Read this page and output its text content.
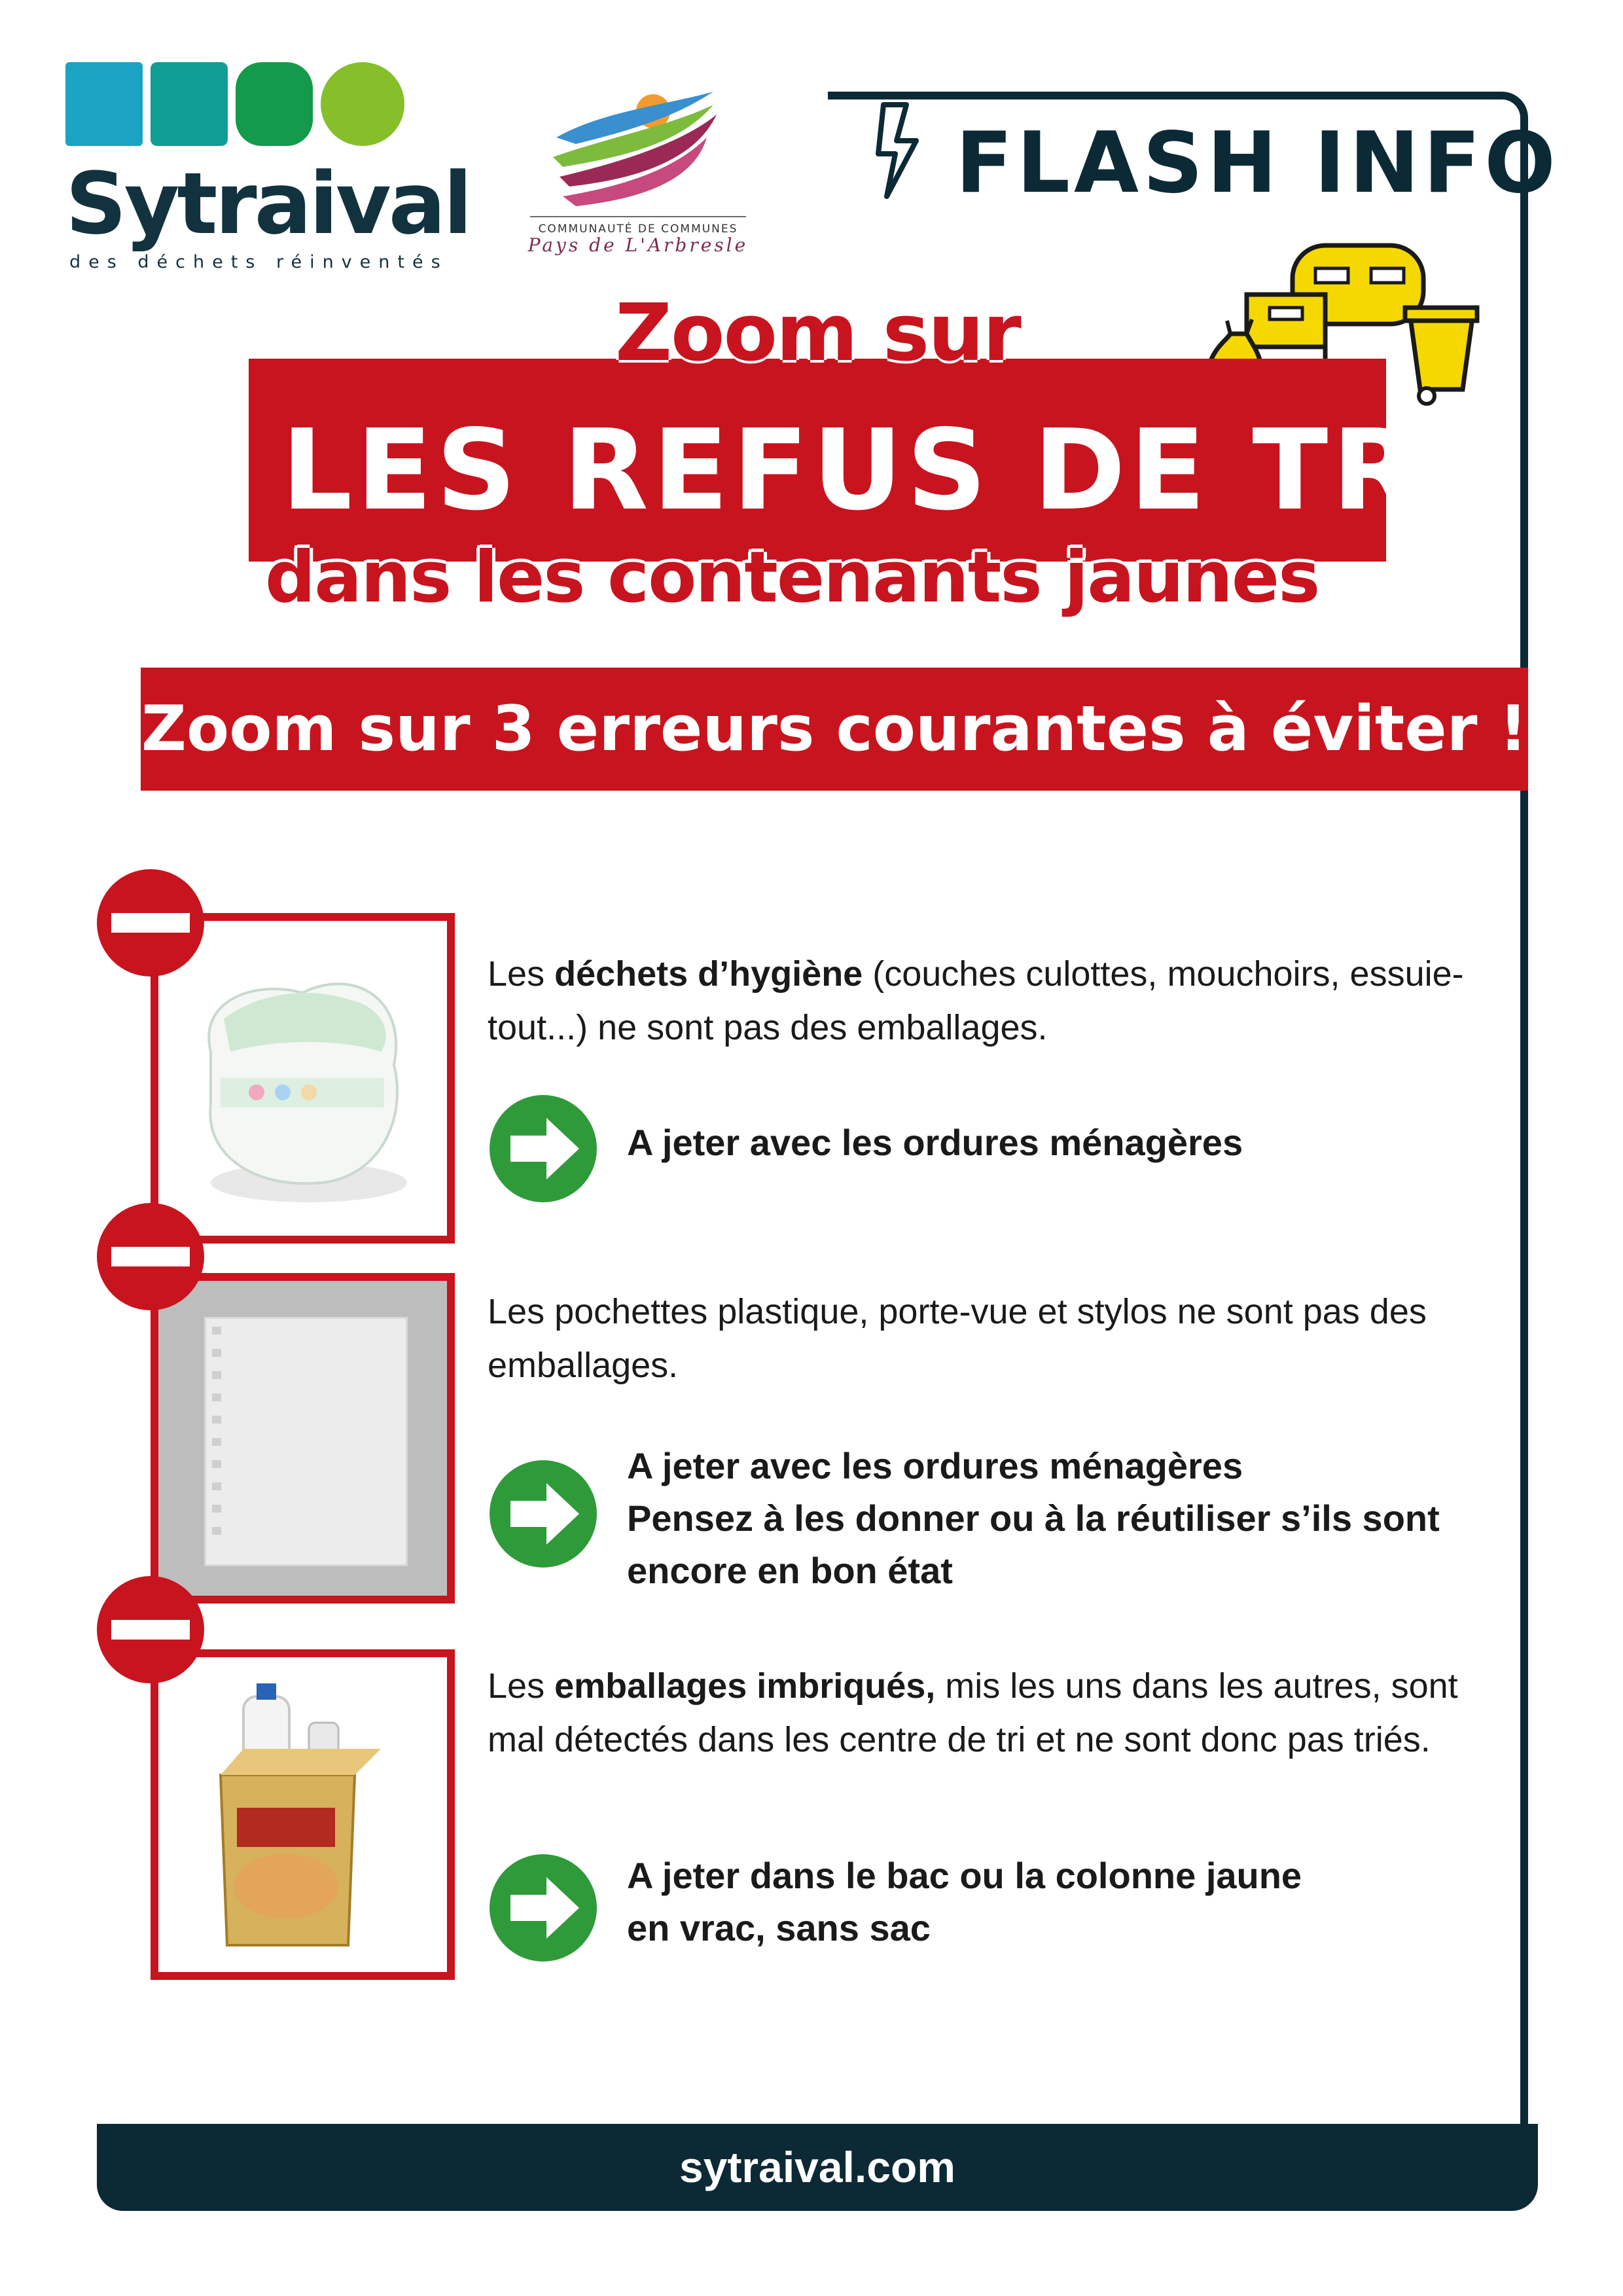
sytraival.com
Sytraival
des déchets réinventés
COMMUNAUTÉ DE COMMUNES
Pays de L'Arbresle
FLASH INFO
Zoom sur
LES REFUS DE TRI
dans les contenants jaunes
Zoom sur 3 erreurs courantes à éviter !
Les déchets d’hygiène (couches culottes, mouchoirs, essuie-tout...) ne sont pas des emballages.
A jeter avec les ordures ménagères
Les pochettes plastique, porte-vue et stylos ne sont pas des emballages.
A jeter avec les ordures ménagères
Pensez à les donner ou à la réutiliser s’ils sont
encore en bon état
Les emballages imbriqués, mis les uns dans les autres, sont mal détectés dans les centre de tri et ne sont donc pas triés.
A jeter dans le bac ou la colonne jaune
en vrac, sans sac
